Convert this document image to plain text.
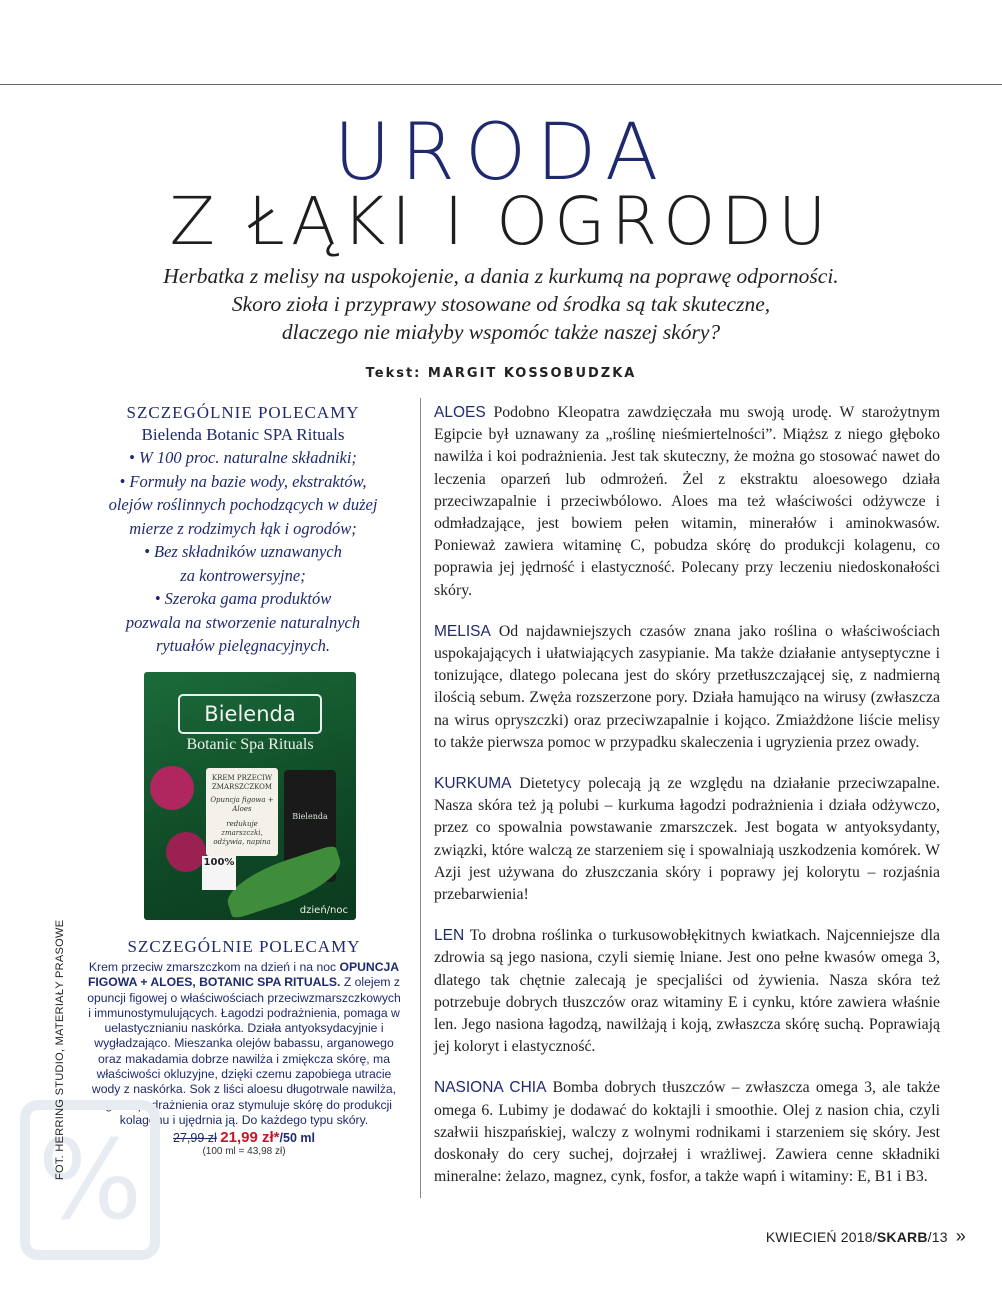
URODA
Z ŁĄKI I OGRODU
Herbatka z melisy na uspokojenie, a dania z kurkumą na poprawę odporności.
Skoro zioła i przyprawy stosowane od środka są tak skuteczne,
dlaczego nie miałyby wspomóc także naszej skóry?
Tekst: MARGIT KOSSOBUDZKA
SZCZEGÓLNIE POLECAMY
Bielenda Botanic SPA Rituals
• W 100 proc. naturalne składniki;
• Formuły na bazie wody, ekstraktów,
olejów roślinnych pochodzących w dużej
mierze z rodzimych łąk i ogrodów;
• Bez składników uznawanych
za kontrowersyjne;
• Szeroka gama produktów
pozwala na stworzenie naturalnych
rytuałów pielęgnacyjnych.
Bielenda
Botanic Spa Rituals
KREM PRZECIW ZMARSZCZKOM
Opuncja figowa + Aloes
redukuje zmarszczki, odżywia, napina
Bielenda
100%
dzień/noc
SZCZEGÓLNIE POLECAMY
Krem przeciw zmarszczkom na dzień i na noc OPUNCJA FIGOWA + ALOES, BOTANIC SPA RITUALS. Z olejem z opuncji figowej o właściwościach przeciwzmarszczkowych i immunostymulujących. Łagodzi podrażnienia, pomaga w uelastycznianiu naskórka. Działa antyoksydacyjnie i wygładzająco. Mieszanka olejów babassu, arganowego oraz makadamia dobrze nawilża i zmiękcza skórę, ma właściwości okluzyjne, dzięki czemu zapobiega utracie wody z naskórka. Sok z liści aloesu długotrwale nawilża, łagodzi podrażnienia oraz stymuluje skórę do produkcji kolagenu i ujędrnia ją. Do każdego typu skóry.
27,99 zł 21,99 zł*/50 ml
(100 ml = 43,98 zł)
%
FOT. HERRING STUDIO, MATERIAŁY PRASOWE

ALOES Podobno Kleopatra zawdzięczała mu swoją urodę. W starożytnym Egipcie był uznawany za „roślinę nieśmiertelności”. Miąższ z niego głęboko nawilża i koi podrażnienia. Jest tak skuteczny, że można go stosować nawet do leczenia oparzeń lub odmrożeń. Żel z ekstraktu aloesowego działa przeciwzapalnie i przeciwbólowo. Aloes ma też właściwości odżywcze i odmładzające, jest bowiem pełen witamin, minerałów i aminokwasów. Ponieważ zawiera witaminę C, pobudza skórę do produkcji kolagenu, co poprawia jej jędrność i elastyczność. Polecany przy leczeniu niedoskonałości skóry.

MELISA Od najdawniejszych czasów znana jako roślina o właściwościach uspokajających i ułatwiających zasypianie. Ma także działanie antyseptyczne i tonizujące, dlatego polecana jest do skóry przetłuszczającej się, z nadmierną ilością sebum. Zwęża rozszerzone pory. Działa hamująco na wirusy (zwłaszcza na wirus opryszczki) oraz przeciwzapalnie i kojąco. Zmiażdżone liście melisy to także pierwsza pomoc w przypadku skaleczenia i ugryzienia przez owady.

KURKUMA Dietetycy polecają ją ze względu na działanie przeciwzapalne. Nasza skóra też ją polubi – kurkuma łagodzi podrażnienia i działa odżywczo, przez co spowalnia powstawanie zmarszczek. Jest bogata w antyoksydanty, związki, które walczą ze starzeniem się i spowalniają uszkodzenia komórek. W Azji jest używana do złuszczania skóry i poprawy jej kolorytu – rozjaśnia przebarwienia!

LEN To drobna roślinka o turkusowobłękitnych kwiatkach. Najcenniejsze dla zdrowia są jego nasiona, czyli siemię lniane. Jest ono pełne kwasów omega 3, dlatego tak chętnie zalecają je specjaliści od żywienia. Nasza skóra też potrzebuje dobrych tłuszczów oraz witaminy E i cynku, które zawiera właśnie len. Jego nasiona łagodzą, nawilżają i koją, zwłaszcza skórę suchą. Poprawiają jej koloryt i elastyczność.

NASIONA CHIA Bomba dobrych tłuszczów – zwłaszcza omega 3, ale także omega 6. Lubimy je dodawać do koktajli i smoothie. Olej z nasion chia, czyli szałwii hiszpańskiej, walczy z wolnymi rodnikami i starzeniem się skóry. Jest doskonały do cery suchej, dojrzałej i wrażliwej. Zawiera cenne składniki mineralne: żelazo, magnez, cynk, fosfor, a także wapń i witaminy: E, B1 i B3.

KWIECIEŃ 2018/SKARB/13 »
